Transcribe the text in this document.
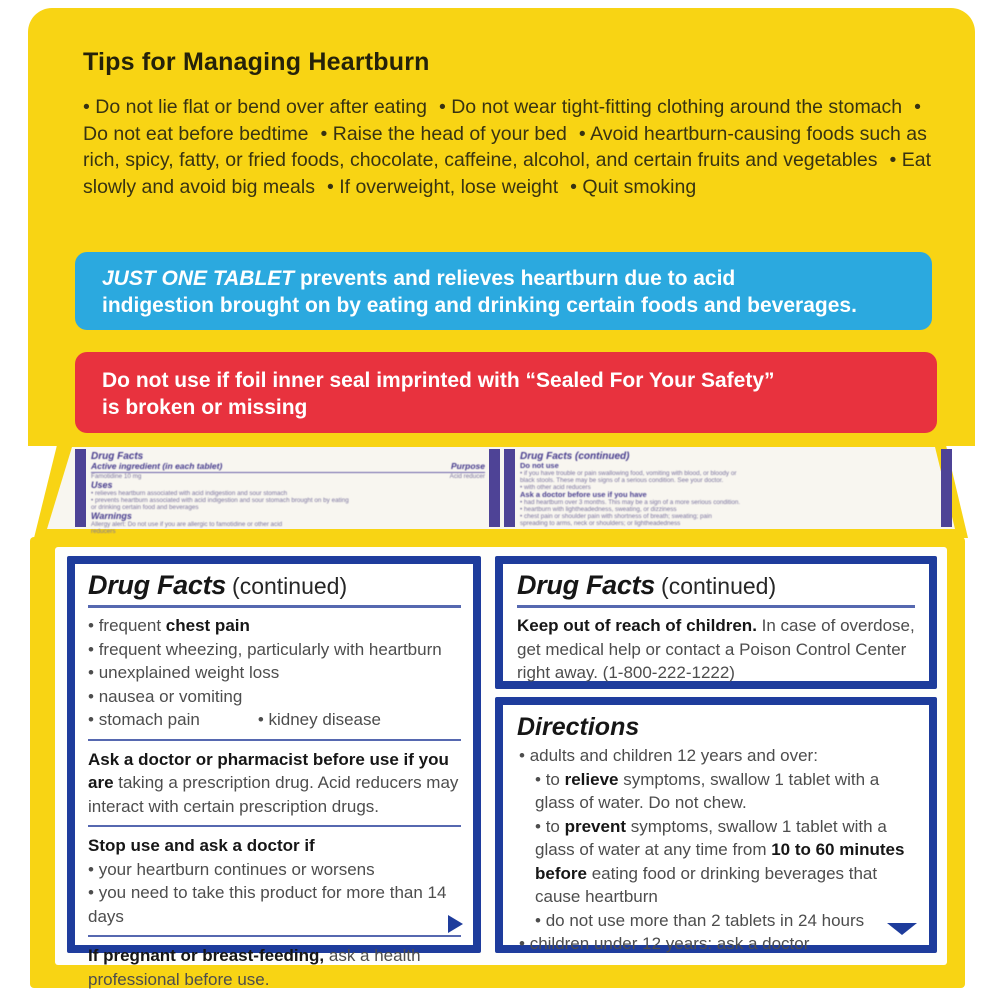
Tips for Managing Heartburn
• Do not lie flat or bend over after eating • Do not wear tight-fitting clothing around the stomach• Do not eat before bedtime • Raise the head of your bed • Avoid heartburn-causing foods such as rich, spicy, fatty, or fried foods, chocolate, caffeine, alcohol, and certain fruits and vegetables • Eat slowly and avoid big meals • If overweight, lose weight • Quit smoking
JUST ONE TABLET prevents and relieves heartburn due to acid
indigestion brought on by eating and drinking certain foods and beverages.
Do not use if foil inner seal imprinted with “Sealed For Your Safety”
is broken or missing
Drug Facts
Active ingredient (in each tablet)	Purpose
Famotidine 10 mg	Acid reducer
Uses
• relieves heartburn associated with acid indigestion and sour stomach
• prevents heartburn associated with acid indigestion and sour stomach brought on by eating
or drinking certain food and beverages
Warnings
Allergy alert: Do not use if you are allergic to famotidine or other acid
reducers
Drug Facts (continued)
Do not use
• if you have trouble or pain swallowing food, vomiting with blood, or bloody or
black stools. These may be signs of a serious condition. See your doctor.
• with other acid reducers
Ask a doctor before use if you have
• had heartburn over 3 months. This may be a sign of a more serious condition.
• heartburn with lightheadedness, sweating, or dizziness
• chest pain or shoulder pain with shortness of breath; sweating; pain
spreading to arms, neck or shoulders; or lightheadedness
Drug Facts (continued)
• frequent chest pain
• frequent wheezing, particularly with heartburn
• unexplained weight loss
• nausea or vomiting
• stomach pain	• kidney disease
Ask a doctor or pharmacist before use if you are taking a prescription drug. Acid reducers may interact with certain prescription drugs.
Stop use and ask a doctor if
• your heartburn continues or worsens
• you need to take this product for more than 14 days
If pregnant or breast-feeding, ask a health professional before use.
Drug Facts (continued)
Keep out of reach of children. In case of overdose, get medical help or contact a Poison Control Center right away. (1-800-222-1222)
Directions
• adults and children 12 years and over:
• to relieve symptoms, swallow 1 tablet with a glass of water. Do not chew.
• to prevent symptoms, swallow 1 tablet with a glass of water at any time from 10 to 60 minutes before eating food or drinking beverages that cause heartburn
• do not use more than 2 tablets in 24 hours
• children under 12 years: ask a doctor
